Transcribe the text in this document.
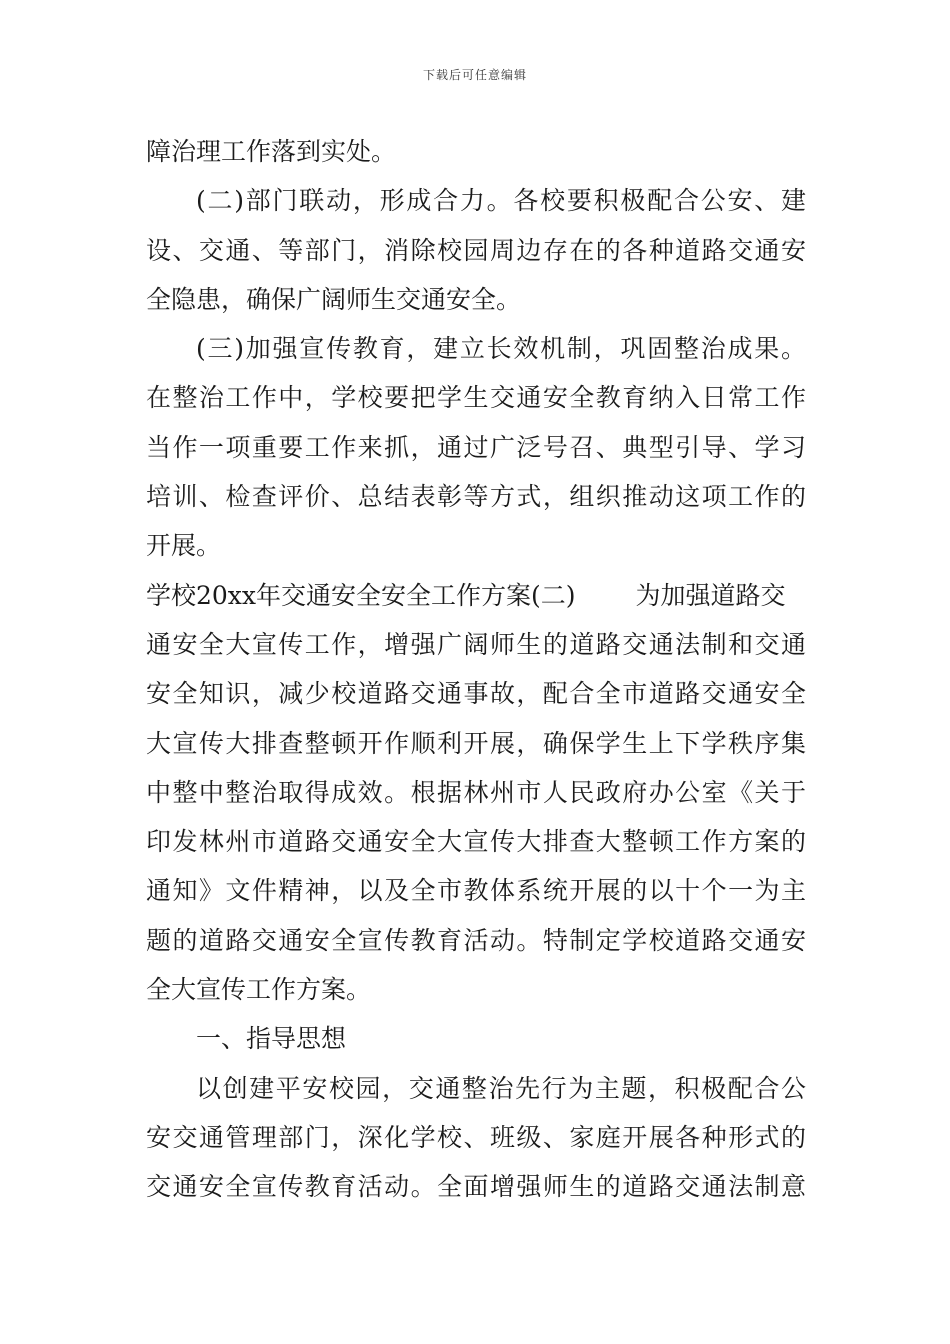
下载后可任意编辑
障治理工作落到实处。
(二)部门联动，形成合力。各校要积极配合公安、建
设、交通、等部门，消除校园周边存在的各种道路交通安
全隐患，确保广阔师生交通安全。
(三)加强宣传教育，建立长效机制，巩固整治成果。
在整治工作中，学校要把学生交通安全教育纳入日常工作
当作一项重要工作来抓，通过广泛号召、典型引导、学习
培训、检查评价、总结表彰等方式，组织推动这项工作的
开展。
学校20xx年交通安全安全工作方案(二) 为加强道路交
通安全大宣传工作，增强广阔师生的道路交通法制和交通
安全知识，减少校道路交通事故，配合全市道路交通安全
大宣传大排查整顿开作顺利开展，确保学生上下学秩序集
中整中整治取得成效。根据林州市人民政府办公室《关于
印发林州市道路交通安全大宣传大排查大整顿工作方案的
通知》文件精神，以及全市教体系统开展的以十个一为主
题的道路交通安全宣传教育活动。特制定学校道路交通安
全大宣传工作方案。
一、指导思想
以创建平安校园，交通整治先行为主题，积极配合公
安交通管理部门，深化学校、班级、家庭开展各种形式的
交通安全宣传教育活动。全面增强师生的道路交通法制意
